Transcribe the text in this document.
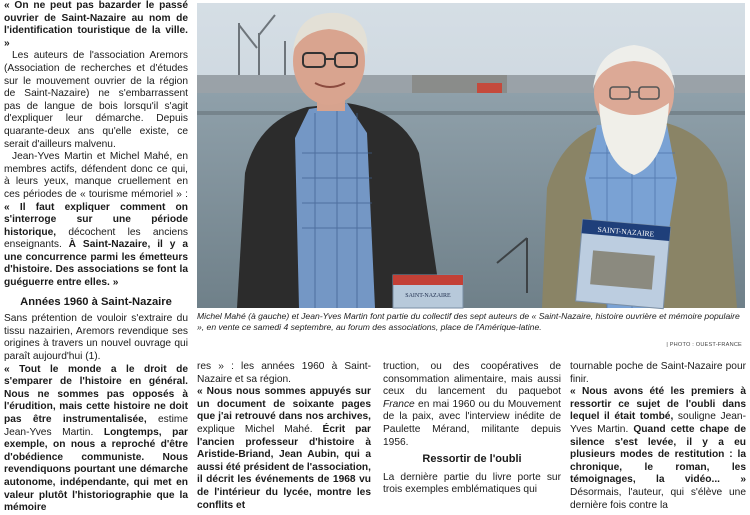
« On ne peut pas bazarder le passé ouvrier de Saint-Nazaire au nom de l'identification touristique de la ville. »

Les auteurs de l'association Aremors (Association de recherches et d'études sur le mouvement ouvrier de la région de Saint-Nazaire) ne s'embarrassent pas de langue de bois lorsqu'il s'agit d'expliquer leur démarche. Depuis quarante-deux ans qu'elle existe, ce serait d'ailleurs malvenu.

Jean-Yves Martin et Michel Mahé, en membres actifs, défendent donc ce qui, à leurs yeux, manque cruellement en ces périodes de « tourisme mémoriel » : « Il faut expliquer comment on s'interroge sur une période historique, décochent les anciens enseignants. À Saint-Nazaire, il y a une concurrence parmi les émetteurs d'histoire. Des associations se font la guéguerre entre elles. »

Années 1960 à Saint-Nazaire

Sans prétention de vouloir s'extraire du tissu nazairien, Aremors revendique ses origines à travers un nouvel ouvrage qui paraît aujourd'hui (1).

« Tout le monde a le droit de s'emparer de l'histoire en général. Nous ne sommes pas opposés à l'érudition, mais cette histoire ne doit pas être instrumentalisée, estime Jean-Yves Martin. Longtemps, par exemple, on nous a reproché d'être d'obédience communiste. Nous revendiquons pourtant une démarche autonome, indépendante, qui met en valeur plutôt l'historiographie que la mémoire

SAINT-NAZAIRE
SAINT-NAZAIRE
Michel Mahé (à gauche) et Jean-Yves Martin font partie du collectif des sept auteurs de « Saint-Nazaire, histoire ouvrière et mémoire populaire », en vente ce samedi 4 septembre, au forum des associations, place de l'Amérique-latine.
| PHOTO : OUEST-FRANCE

res » : les années 1960 à Saint-Nazaire et sa région.

« Nous nous sommes appuyés sur un document de soixante pages que j'ai retrouvé dans nos archives, explique Michel Mahé. Écrit par l'ancien professeur d'histoire à Aristide-Briand, Jean Aubin, qui a aussi été président de l'association, il décrit les événements de 1968 vu de l'intérieur du lycée, montre les conflits et

truction, ou des coopératives de consommation alimentaire, mais aussi ceux du lancement du paquebot France en mai 1960 ou du Mouvement de la paix, avec l'interview inédite de Paulette Mérand, militante depuis 1956.

Ressortir de l'oubli

La dernière partie du livre porte sur trois exemples emblématiques qui

tournable poche de Saint-Nazaire pour finir.

« Nous avons été les premiers à ressortir ce sujet de l'oubli dans lequel il était tombé, souligne Jean-Yves Martin. Quand cette chape de silence s'est levée, il y a eu plusieurs modes de restitution : la chronique, le roman, les témoignages, la vidéo... » Désormais, l'auteur, qui s'élève une dernière fois contre la
